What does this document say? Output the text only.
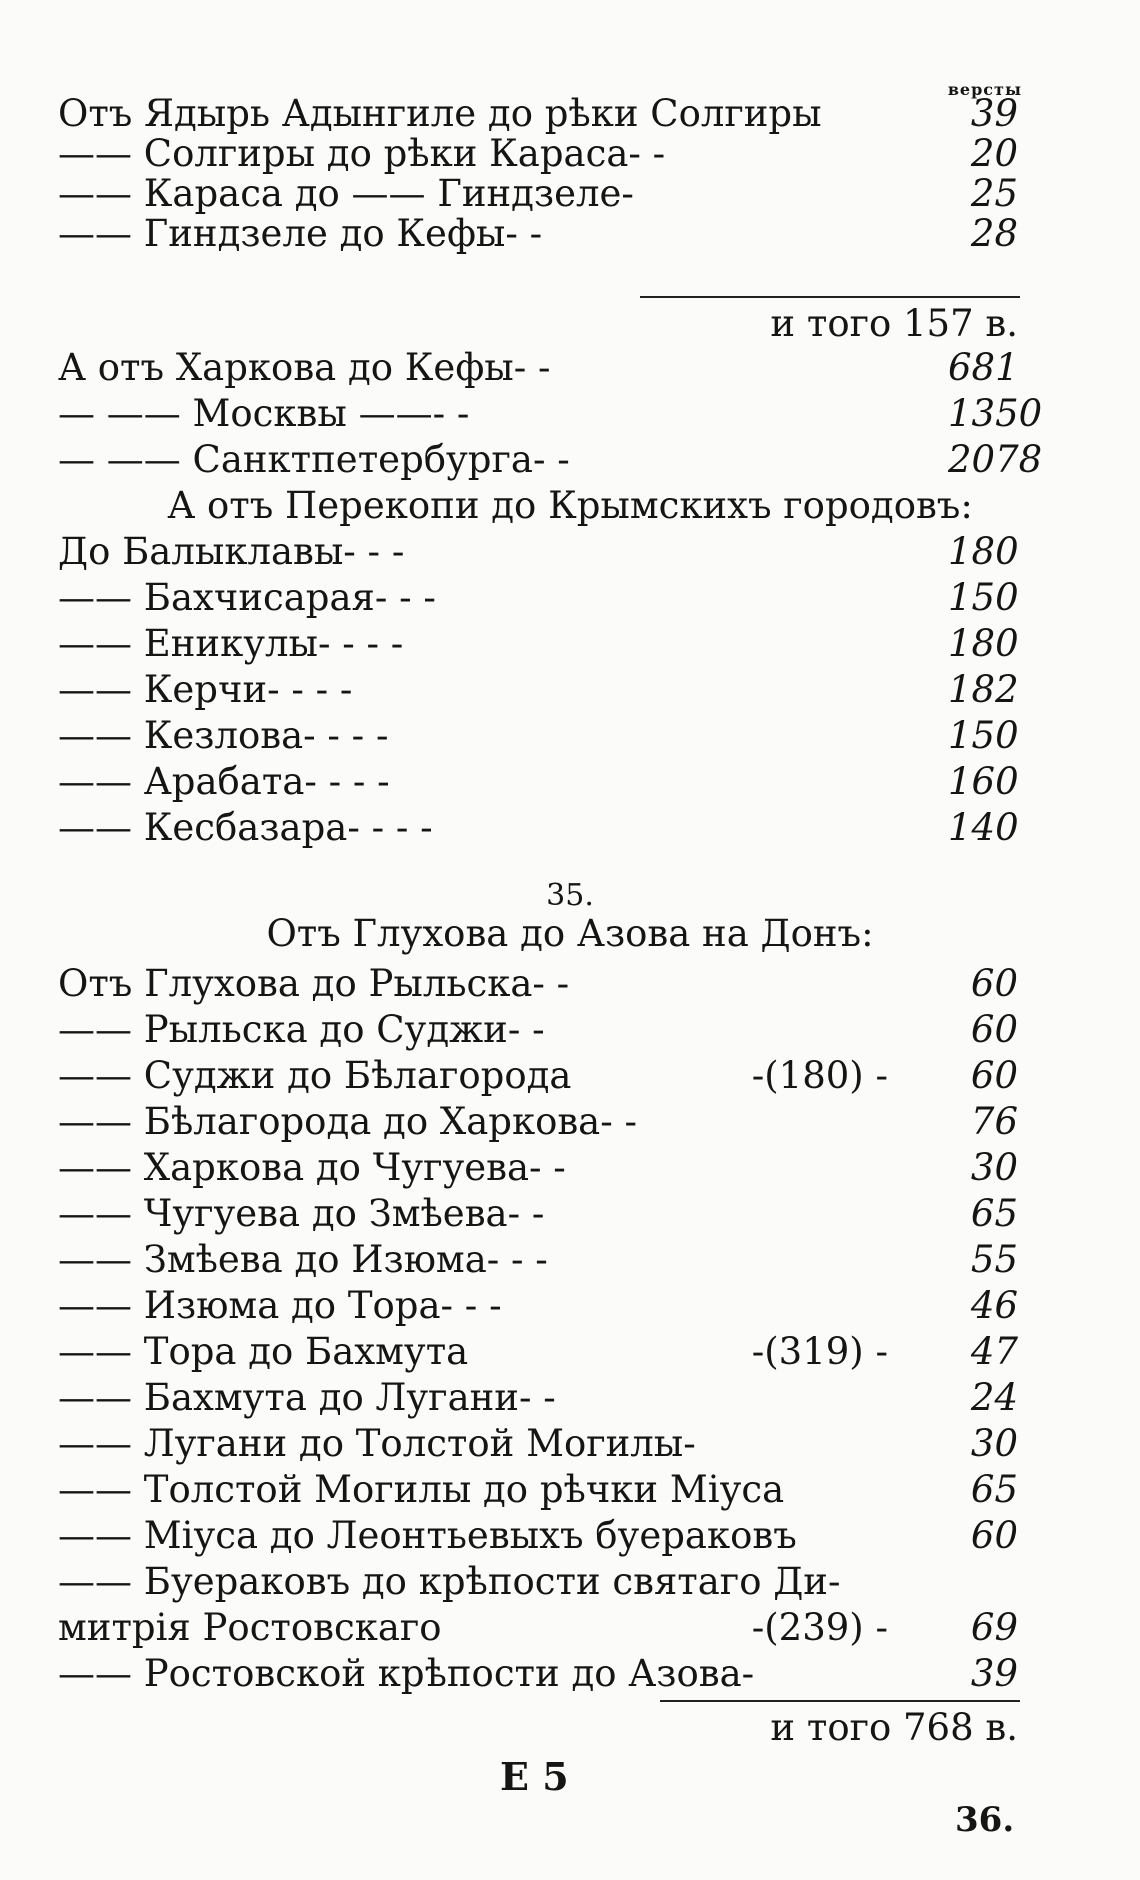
версты
Отъ Ядырь Адынгиле до рѣки Солгиры	39
—— Солгиры до рѣки Караса - -	20
—— Караса до —— Гиндзеле -	25
—— Гиндзеле до Кефы - -	28
и того 157 в.
А отъ Харкова до Кефы - -	681
— —— Москвы —— - -	1350
— —— Санктпетербурга - -	2078
А отъ Перекопи до Крымскихъ городовъ:
До Балыклавы - - -	180
—— Бахчисарая - - -	150
—— Еникулы - - - -	180
—— Керчи - - - -	182
—— Кезлова - - - -	150
—— Арабата - - - -	160
—— Кесбазара - - - -	140
35.
Отъ Глухова до Азова на Донъ:
Отъ Глухова до Рыльска - -	60
—— Рыльска до Суджи - -	60
—— Суджи до Бѣлагорода	-(180) -	60
—— Бѣлагорода до Харкова - -	76
—— Харкова до Чугуева - -	30
—— Чугуева до Змѣева - -	65
—— Змѣева до Изюма - - -	55
—— Изюма до Тора - - -	46
—— Тора до Бахмута	-(319) -	47
—— Бахмута до Лугани - -	24
—— Лугани до Толстой Могилы -	30
—— Толстой Могилы до рѣчки Міуса	65
—— Міуса до Леонтьевыхъ буераковъ	60
—— Буераковъ до крѣпости святаго Ди-
митрія Ростовскаго	-(239) -	69
—— Ростовской крѣпости до Азова -	39
и того 768 в.
E 5
36.
